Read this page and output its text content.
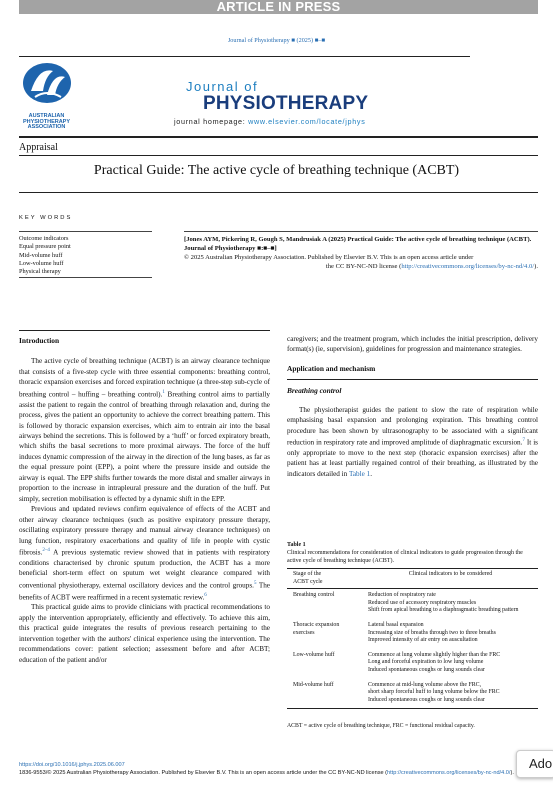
ARTICLE IN PRESS
Journal of Physiotherapy ■ (2025) ■–■
AUSTRALIAN
PHYSIOTHERAPY
ASSOCIATION
Journal of
PHYSIOTHERAPY
journal homepage: www.elsevier.com/locate/jphys
Appraisal
Practical Guide: The active cycle of breathing technique (ACBT)
KEY WORDS
Outcome indicators
Equal pressure point
Mid-volume huff
Low-volume huff
Physical therapy
[Jones AYM, Pickering R, Gough S, Mandrusiak A (2025) Practical Guide: The active cycle of breathing technique (ACBT). Journal of Physiotherapy ■:■–■]
© 2025 Australian Physiotherapy Association. Published by Elsevier B.V. This is an open access article under
the CC BY-NC-ND license (http://creativecommons.org/licenses/by-nc-nd/4.0/).
Introduction

The active cycle of breathing technique (ACBT) is an airway clearance technique that consists of a five-step cycle with three essential components: breathing control, thoracic expansion exercises and forced expiration technique (a three-step sub-cycle of breathing control – huffing – breathing control).$^1$ Breathing control aims to partially assist the patient to regain the control of breathing through relaxation and, during the process, gives the patient an opportunity to achieve the correct breathing pattern. This is followed by thoracic expansion exercises, which aim to entrain air into the basal airways behind the secretions. This is followed by a ‘huff’ or forced expiratory breath, which shifts the basal secretions to more proximal airways. The force of the huff induces dynamic compression of the airway in the direction of the lung bases, as far as the equal pressure point (EPP), a point where the pressure inside and outside the airway is equal. The EPP shifts further towards the more distal and smaller airways in proportion to the increase in intrapleural pressure and the duration of the huff. Put simply, secretion mobilisation is effected by a dynamic shift in the EPP.

Previous and updated reviews confirm equivalence of effects of the ACBT and other airway clearance techniques (such as positive expiratory pressure therapy, oscillating expiratory pressure therapy and manual airway clearance techniques) on lung function, respiratory exacerbations and quality of life in people with cystic fibrosis.$^{2-4}$ A previous systematic review showed that in patients with respiratory conditions characterised by chronic sputum production, the ACBT has a more beneficial short-term effect on sputum wet weight clearance compared with conventional physiotherapy, external oscillatory devices and the control groups.$^5$ The benefits of ACBT were reaffirmed in a recent systematic review.$^6$

This practical guide aims to provide clinicians with practical recommendations to apply the intervention appropriately, efficiently and effectively. To achieve this aim, this practical guide integrates the results of previous research pertaining to the intervention together with the authors' clinical experience using the intervention. The recommendations cover: patient selection; assessment before and after ACBT; education of the patient and/or

caregivers; and the treatment program, which includes the initial prescription, delivery format(s) (ie, supervision), guidelines for progression and maintenance strategies.

Application and mechanism
Breathing control

The physiotherapist guides the patient to slow the rate of respiration while emphasising basal expansion and prolonging expiration. This breathing control procedure has been shown by ultrasonography to be associated with a significant reduction in respiratory rate and improved amplitude of diaphragmatic excursion.$^7$ It is only appropriate to move to the next step (thoracic expansion exercises) after the patient has at least partially regained control of their breathing, as illustrated by the indicators detailed in Table 1.

Table 1
Clinical recommendations for consideration of clinical indicators to guide progression through the active cycle of breathing technique (ACBT).
Stage of the
ACBT cycle	Clinical indicators to be considered
Breathing control	Reduction of respiratory rate
Reduced use of accessory respiratory muscles
Shift from apical breathing to a diaphragmatic breathing pattern

Thoracic expansion exercises	Lateral basal expansion
Increasing size of breaths through two to three breaths
Improved intensity of air entry on auscultation

Low-volume huff	Commence at lung volume slightly higher than the FRC
Long and forceful expiration to low lung volume
Induced spontaneous coughs or lung sounds clear

Mid-volume huff	Commence at mid-lung volume above the FRC,
short sharp forceful huff to lung volume below the FRC
Induced spontaneous coughs or lung sounds clear
ACBT = active cycle of breathing technique, FRC = functional residual capacity.
https://doi.org/10.1016/j.jphys.2025.06.007
1836-9553/© 2025 Australian Physiotherapy Association. Published by Elsevier B.V. This is an open access article under the CC BY-NC-ND license (http://creativecommons.org/licenses/by-nc-nd/4.0/).
Ado
